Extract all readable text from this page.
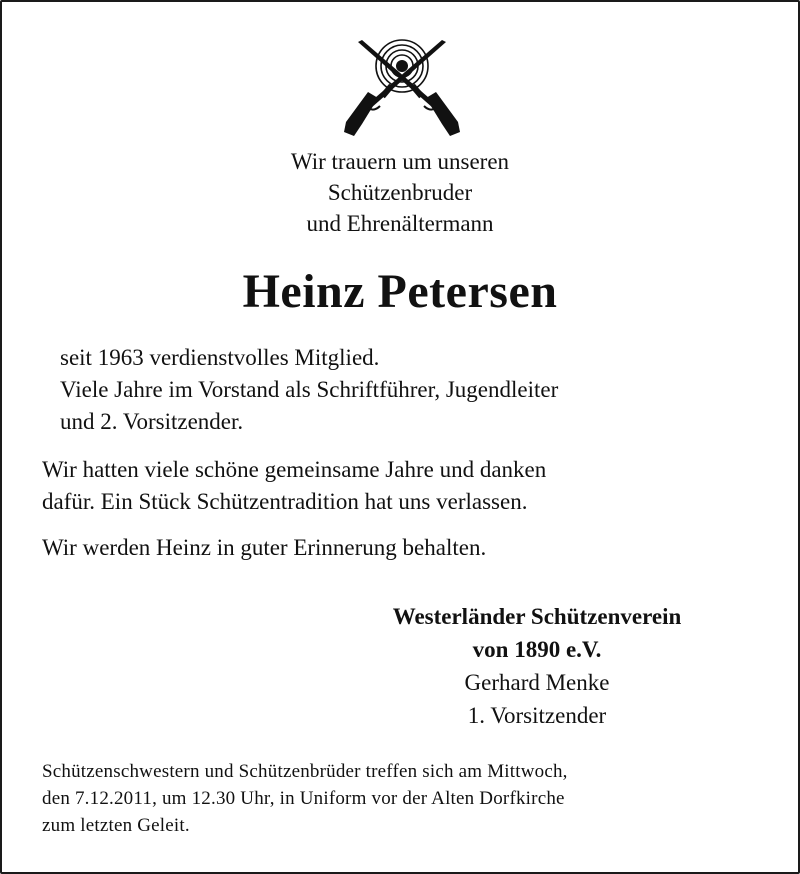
Wir trauern um unseren
Schützenbruder
und Ehrenältermann
Heinz Petersen
seit 1963 verdienstvolles Mitglied.
Viele Jahre im Vorstand als Schriftführer, Jugendleiter
und 2. Vorsitzender.
Wir hatten viele schöne gemeinsame Jahre und danken
dafür. Ein Stück Schützentradition hat uns verlassen.
Wir werden Heinz in guter Erinnerung behalten.
Westerländer Schützenverein
von 1890 e.V.
Gerhard Menke
1. Vorsitzender
Schützenschwestern und Schützenbrüder treffen sich am Mittwoch,
den 7.12.2011, um 12.30 Uhr, in Uniform vor der Alten Dorfkirche
zum letzten Geleit.
